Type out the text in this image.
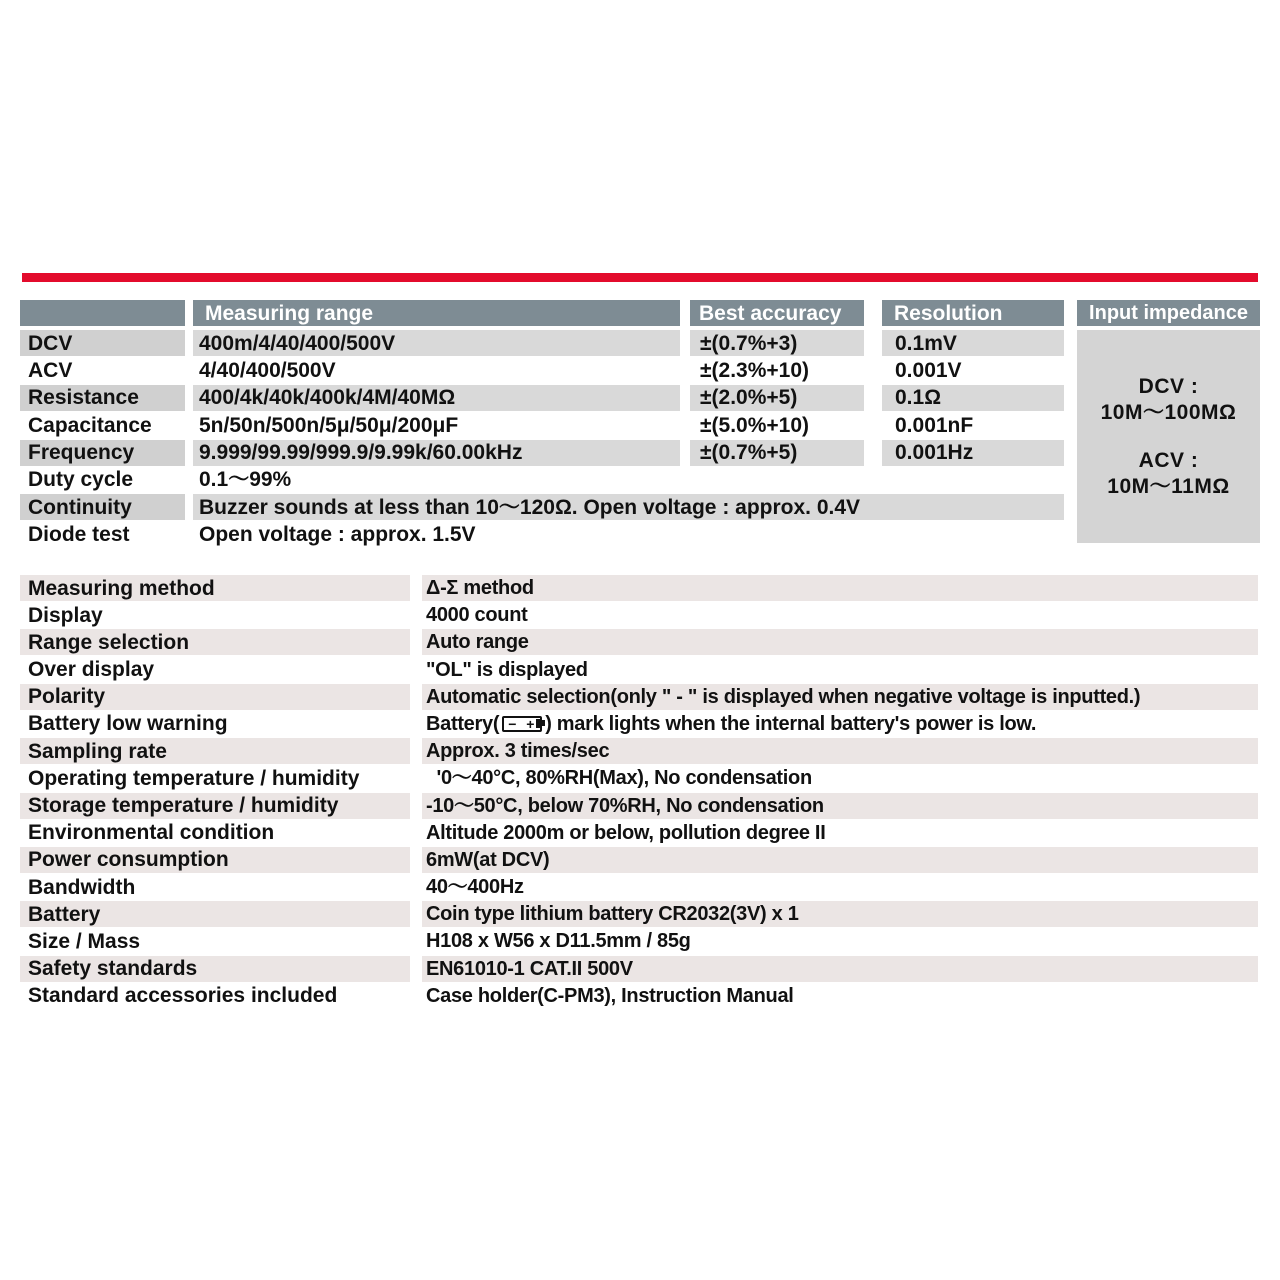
Measuring range	Best accuracy	Resolution	Input impedance
DCV	400m/4/40/400/500V	±(0.7%+3)	0.1mV
ACV	4/40/400/500V	±(2.3%+10)	0.001V
Resistance	400/4k/40k/400k/4M/40MΩ	±(2.0%+5)	0.1Ω
Capacitance	5n/50n/500n/5μ/50μ/200μF	±(5.0%+10)	0.001nF
Frequency	9.999/99.99/999.9/9.99k/60.00kHz	±(0.7%+5)	0.001Hz
Duty cycle	0.1～99%
Continuity	Buzzer sounds at less than 10～120Ω. Open voltage : approx. 0.4V
Diode test	Open voltage : approx. 1.5V
DCV :
10M～100MΩ
ACV :
10M～11MΩ
Measuring method	Δ-Σ method
Display	4000 count
Range selection	Auto range
Over display	"OL" is displayed
Polarity	Automatic selection(only " - " is displayed when negative voltage is inputted.)
Battery low warning	Battery( − + ) mark lights when the internal battery's power is low.
Sampling rate	Approx. 3 times/sec
Operating temperature / humidity	'0～40°C, 80%RH(Max), No condensation
Storage temperature / humidity	-10～50°C, below 70%RH, No condensation
Environmental condition	Altitude 2000m or below, pollution degree II
Power consumption	6mW(at DCV)
Bandwidth	40～400Hz
Battery	Coin type lithium battery CR2032(3V) x 1
Size / Mass	H108 x W56 x D11.5mm / 85g
Safety standards	EN61010-1 CAT.II 500V
Standard accessories included	Case holder(C-PM3), Instruction Manual
